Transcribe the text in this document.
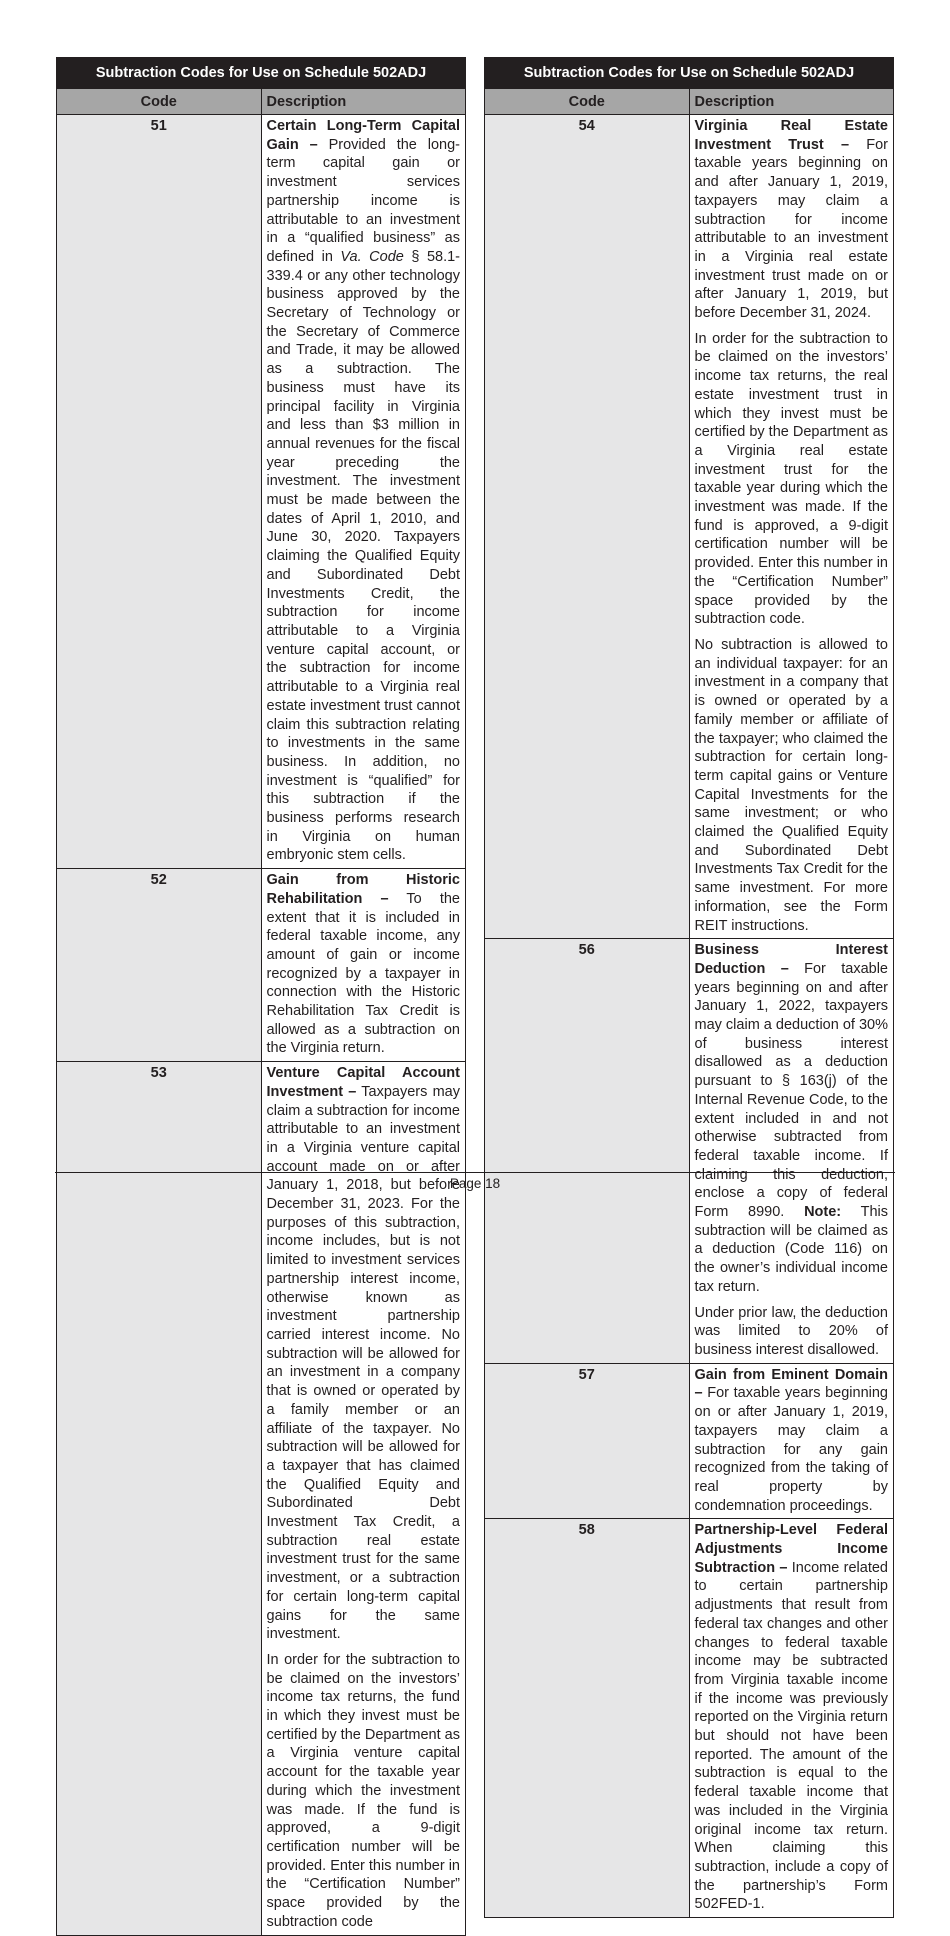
Subtraction Codes for Use on Schedule 502ADJ	
Code	Description
51	Certain Long-Term Capital Gain – Provided the long-term capital gain or investment services partnership income is attributable to an investment in a “qualified business” as defined in Va. Code § 58.1-339.4 or any other technology business approved by the Secretary of Technology or the Secretary of Commerce and Trade, it may be allowed as a subtraction. The business must have its principal facility in Virginia and less than $3 million in annual revenues for the fiscal year preceding the investment. The investment must be made between the dates of April 1, 2010, and June 30, 2020. Taxpayers claiming the Qualified Equity and Subordinated Debt Investments Credit, the subtraction for income attributable to a Virginia venture capital account, or the subtraction for income attributable to a Virginia real estate investment trust cannot claim this subtraction relating to investments in the same business. In addition, no investment is “qualified” for this subtraction if the business performs research in Virginia on human embryonic stem cells.

52	Gain from Historic Rehabilitation – To the extent that it is included in federal taxable income, any amount of gain or income recognized by a taxpayer in connection with the Historic Rehabilitation Tax Credit is allowed as a subtraction on the Virginia return.

53	Venture Capital Account Investment – Taxpayers may claim a subtraction for income attributable to an investment in a Virginia venture capital account made on or after January 1, 2018, but before December 31, 2023. For the purposes of this subtraction, income includes, but is not limited to investment services partnership interest income, otherwise known as investment partnership carried interest income. No subtraction will be allowed for an investment in a company that is owned or operated by a family member or an affiliate of the taxpayer. No subtraction will be allowed for a taxpayer that has claimed the Qualified Equity and Subordinated Debt Investment Tax Credit, a subtraction real estate investment trust for the same investment, or a subtraction for certain long-term capital gains for the same investment.

In order for the subtraction to be claimed on the investors’ income tax returns, the fund in which they invest must be certified by the Department as a Virginia venture capital account for the taxable year during which the investment was made. If the fund is approved, a 9-digit certification number will be provided. Enter this number in the “Certification Number” space provided by the subtraction code

Subtraction Codes for Use on Schedule 502ADJ	
Code	Description
54	Virginia Real Estate Investment Trust – For taxable years beginning on and after January 1, 2019, taxpayers may claim a subtraction for income attributable to an investment in a Virginia real estate investment trust made on or after January 1, 2019, but before December 31, 2024.

In order for the subtraction to be claimed on the investors’ income tax returns, the real estate investment trust in which they invest must be certified by the Department as a Virginia real estate investment trust for the taxable year during which the investment was made. If the fund is approved, a 9-digit certification number will be provided. Enter this number in the “Certification Number” space provided by the subtraction code.

No subtraction is allowed to an individual taxpayer: for an investment in a company that is owned or operated by a family member or affiliate of the taxpayer; who claimed the subtraction for certain long-term capital gains or Venture Capital Investments for the same investment; or who claimed the Qualified Equity and Subordinated Debt Investments Tax Credit for the same investment. For more information, see the Form REIT instructions.

56	Business Interest Deduction – For taxable years beginning on and after January 1, 2022, taxpayers may claim a deduction of 30% of business interest disallowed as a deduction pursuant to § 163(j) of the Internal Revenue Code, to the extent included in and not otherwise subtracted from federal taxable income. If claiming this deduction, enclose a copy of federal Form 8990. Note: This subtraction will be claimed as a deduction (Code 116) on the owner’s individual income tax return.

Under prior law, the deduction was limited to 20% of business interest disallowed.

57	Gain from Eminent Domain – For taxable years beginning on or after January 1, 2019, taxpayers may claim a subtraction for any gain recognized from the taking of real property by condemnation proceedings.

58	Partnership-Level Federal Adjustments Income Subtraction – Income related to certain partnership adjustments that result from federal tax changes and other changes to federal taxable income may be subtracted from Virginia taxable income if the income was previously reported on the Virginia return but should not have been reported. The amount of the subtraction is equal to the federal taxable income that was included in the Virginia original income tax return. When claiming this subtraction, include a copy of the partnership’s Form 502FED-1.

Page 18
